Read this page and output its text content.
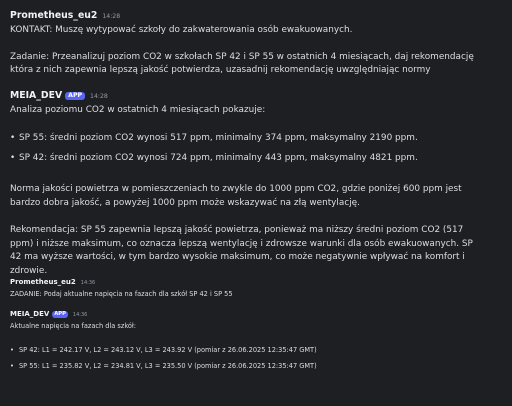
Prometheus_eu2 14:28
KONTAKT: Muszę wytypować szkoły do zakwaterowania osób ewakuowanych.
Zadanie: Przeanalizuj poziom CO2 w szkołach SP 42 i SP 55 w ostatnich 4 miesiącach, daj rekomendację
która z nich zapewnia lepszą jakość potwierdza, uzasadnij rekomendację uwzględniając normy
MEIA_DEV APP	14:28
Analiza poziomu CO2 w ostatnich 4 miesiącach pokazuje:
• SP 55: średni poziom CO2 wynosi 517 ppm, minimalny 374 ppm, maksymalny 2190 ppm.
• SP 42: średni poziom CO2 wynosi 724 ppm, minimalny 443 ppm, maksymalny 4821 ppm.
Norma jakości powietrza w pomieszczeniach to zwykle do 1000 ppm CO2, gdzie poniżej 600 ppm jest
bardzo dobra jakość, a powyżej 1000 ppm może wskazywać na złą wentylację.
Rekomendacja: SP 55 zapewnia lepszą jakość powietrza, ponieważ ma niższy średni poziom CO2 (517
ppm) i niższe maksimum, co oznacza lepszą wentylację i zdrowsze warunki dla osób ewakuowanych. SP
42 ma wyższe wartości, w tym bardzo wysokie maksimum, co może negatywnie wpływać na komfort i
zdrowie.
Prometheus_eu2 14:36
ZADANIE: Podaj aktualne napięcia na fazach dla szkół SP 42 i SP 55
MEIA_DEV APP	14:36
Aktualne napięcia na fazach dla szkół:
• SP 42: L1 = 242.17 V, L2 = 243.12 V, L3 = 243.92 V (pomiar z 26.06.2025 12:35:47 GMT)
• SP 55: L1 = 235.82 V, L2 = 234.81 V, L3 = 235.50 V (pomiar z 26.06.2025 12:35:47 GMT)
